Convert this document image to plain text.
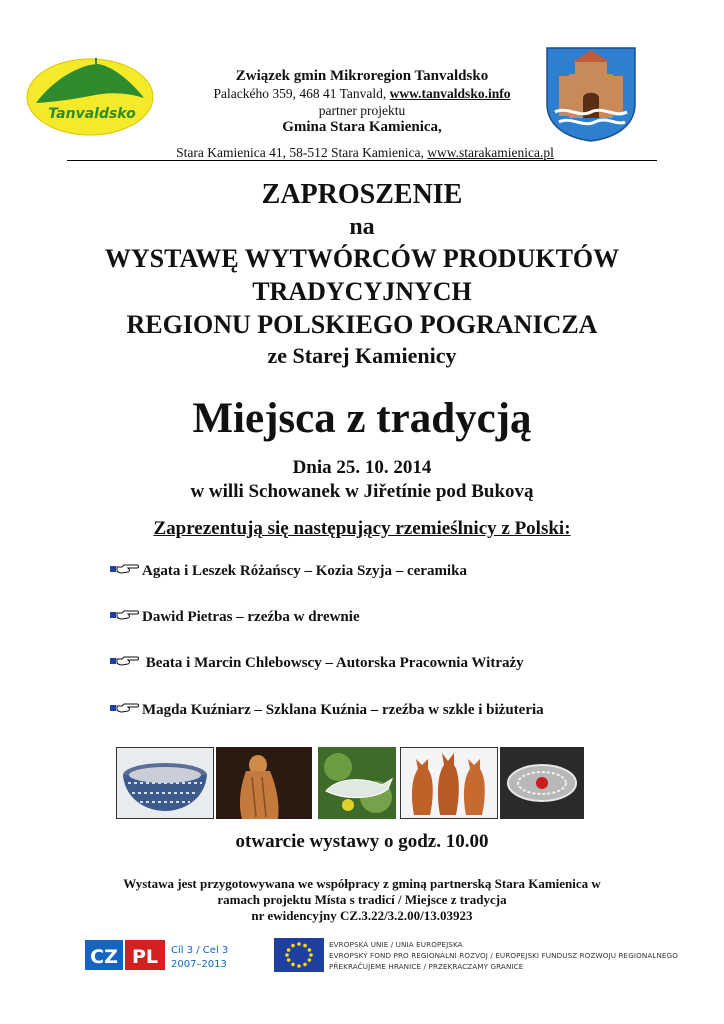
Tanvaldsko
Związek gmin Mikroregion Tanvaldsko
Palackého 359, 468 41 Tanvald, www.tanvaldsko.info
partner projektu
Gmina Stara Kamienica,
Stara Kamienica 41, 58-512 Stara Kamienica, www.starakamienica.pl
ZAPROSZENIE
na
WYSTAWĘ WYTWÓRCÓW PRODUKTÓW
TRADYCYJNYCH
REGIONU POLSKIEGO POGRANICZA
ze Starej Kamienicy
Miejsca z tradycją
Dnia 25. 10. 2014
w willi Schowanek w Jiřetínie pod Bukovą
Zaprezentują się następujący rzemieślnicy z Polski:
Agata i Leszek Różańscy – Kozia Szyja – ceramika
Dawid Pietras – rzeźba w drewnie
Beata i Marcin Chlebowscy – Autorska Pracownia Witraży
Magda Kuźniarz – Szklana Kuźnia – rzeźba w szkle i biżuteria
otwarcie wystawy o godz. 10.00
Wystawa jest przygotowywana we współpracy z gminą partnerską Stara Kamienica w
ramach projektu Místa s tradicí / Miejsce z tradycja
nr ewidencyjny CZ.3.22/3.2.00/13.03923
CZ PL Cíl 3 / Cel 3
2007–2013
EVROPSKÁ UNIE / UNIA EUROPEJSKA
EVROPSKÝ FOND PRO REGIONÁLNÍ ROZVOJ / EUROPEJSKI FUNDUSZ ROZWOJU REGIONALNEGO
PŘEKRAČUJEME HRANICE / PRZEKRACZAMY GRANICE
